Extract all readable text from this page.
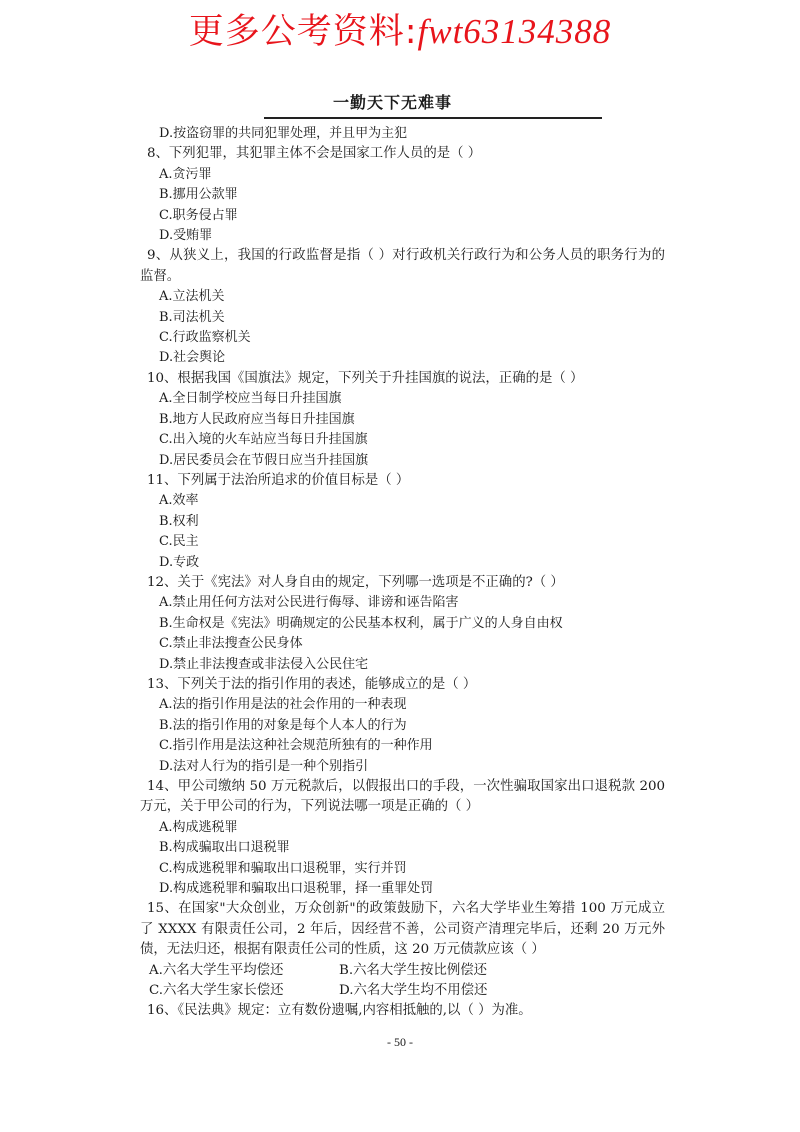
更多公考资料:fwt63134388
一勤天下无难事
D.按盗窃罪的共同犯罪处理，并且甲为主犯
8、下列犯罪，其犯罪主体不会是国家工作人员的是（ ）
A.贪污罪
B.挪用公款罪
C.职务侵占罪
D.受贿罪
9、从狭义上，我国的行政监督是指（ ）对行政机关行政行为和公务人员的职务行为的监督。
A.立法机关
B.司法机关
C.行政监察机关
D.社会舆论
10、根据我国《国旗法》规定，下列关于升挂国旗的说法，正确的是（ ）
A.全日制学校应当每日升挂国旗
B.地方人民政府应当每日升挂国旗
C.出入境的火车站应当每日升挂国旗
D.居民委员会在节假日应当升挂国旗
11、下列属于法治所追求的价值目标是（ ）
A.效率
B.权利
C.民主
D.专政
12、关于《宪法》对人身自由的规定，下列哪一选项是不正确的?（ ）
A.禁止用任何方法对公民进行侮辱、诽谤和诬告陷害
B.生命权是《宪法》明确规定的公民基本权利，属于广义的人身自由权
C.禁止非法搜查公民身体
D.禁止非法搜查或非法侵入公民住宅
13、下列关于法的指引作用的表述，能够成立的是（ ）
A.法的指引作用是法的社会作用的一种表现
B.法的指引作用的对象是每个人本人的行为
C.指引作用是法这种社会规范所独有的一种作用
D.法对人行为的指引是一种个别指引
14、甲公司缴纳 50 万元税款后，以假报出口的手段，一次性骗取国家出口退税款 200 万元，关于甲公司的行为，下列说法哪一项是正确的（ ）
A.构成逃税罪
B.构成骗取出口退税罪
C.构成逃税罪和骗取出口退税罪，实行并罚
D.构成逃税罪和骗取出口退税罪，择一重罪处罚
15、在国家"大众创业，万众创新"的政策鼓励下，六名大学毕业生筹措 100 万元成立了 XXXX 有限责任公司，2 年后，因经营不善，公司资产清理完毕后，还剩 20 万元外债，无法归还，根据有限责任公司的性质，这 20 万元债款应该（ ）
A.六名大学生平均偿还	B.六名大学生按比例偿还
C.六名大学生家长偿还	D.六名大学生均不用偿还
16、《民法典》规定：立有数份遗嘱,内容相抵触的,以（ ）为准。
- 50 -
